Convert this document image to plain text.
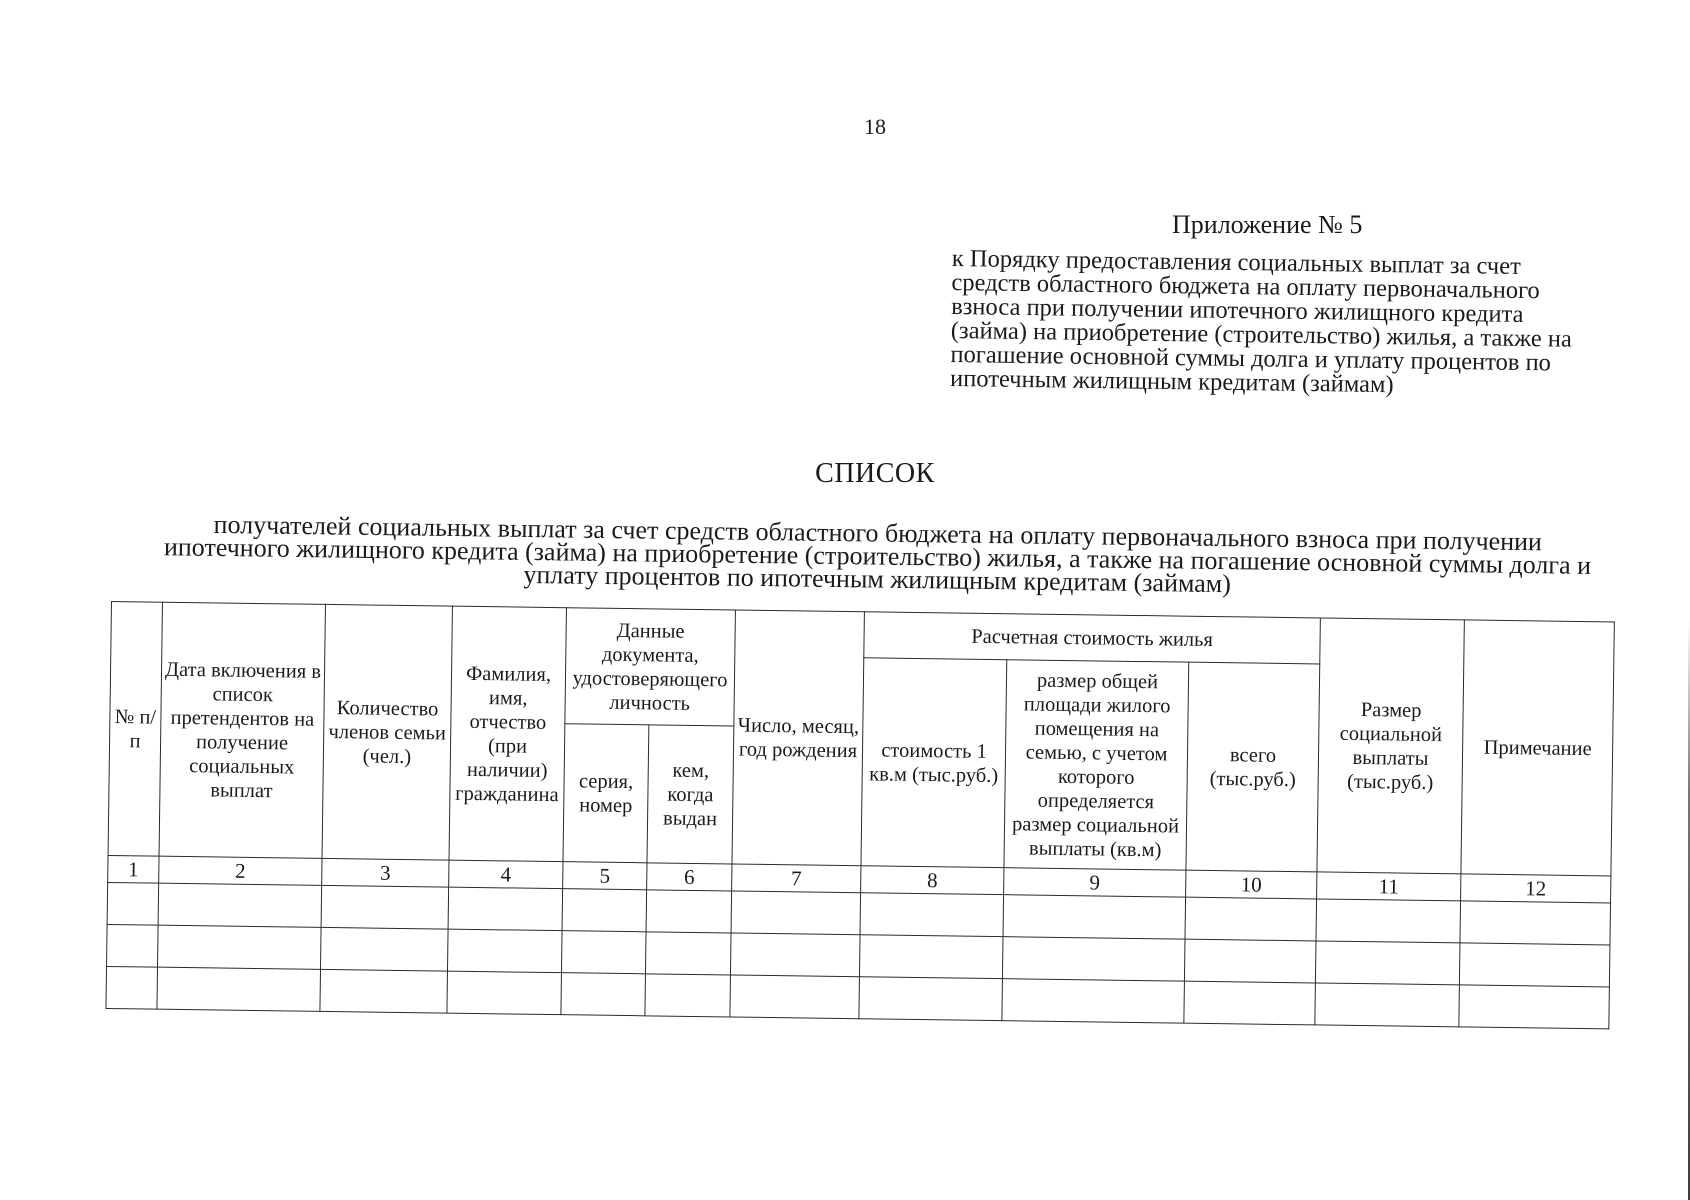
18
Приложение № 5
к Порядку предоставления социальных выплат за счет средств областного бюджета на оплату первоначального взноса при получении ипотечного жилищного кредита (займа) на приобретение (строительство) жилья, а также на погашение основной суммы долга и уплату процентов по ипотечным жилищным кредитам (займам)
СПИСОК
получателей социальных выплат за счет средств областного бюджета на оплату первоначального взноса при получении ипотечного жилищного кредита (займа) на приобретение (строительство) жилья, а также на погашение основной суммы долга и уплату процентов по ипотечным жилищным кредитам (займам)
№ п/п	Дата включения в список претендентов на получение социальных выплат	Количество членов семьи (чел.)	Фамилия, имя, отчество (при наличии) гражданина	Данные документа, удостоверяющего личность		Число, месяц, год рождения	Расчетная стоимость жилья			Размер социальной выплаты (тыс.руб.)	Примечание
							стоимость 1 кв.м (тыс.руб.)	размер общей площади жилого помещения на семью, с учетом которого определяется размер социальной выплаты (кв.м)	всего (тыс.руб.)		
				серия, номер	кем, когда выдан						
1	2	3	4	5	6	7	8	9	10	11	12
